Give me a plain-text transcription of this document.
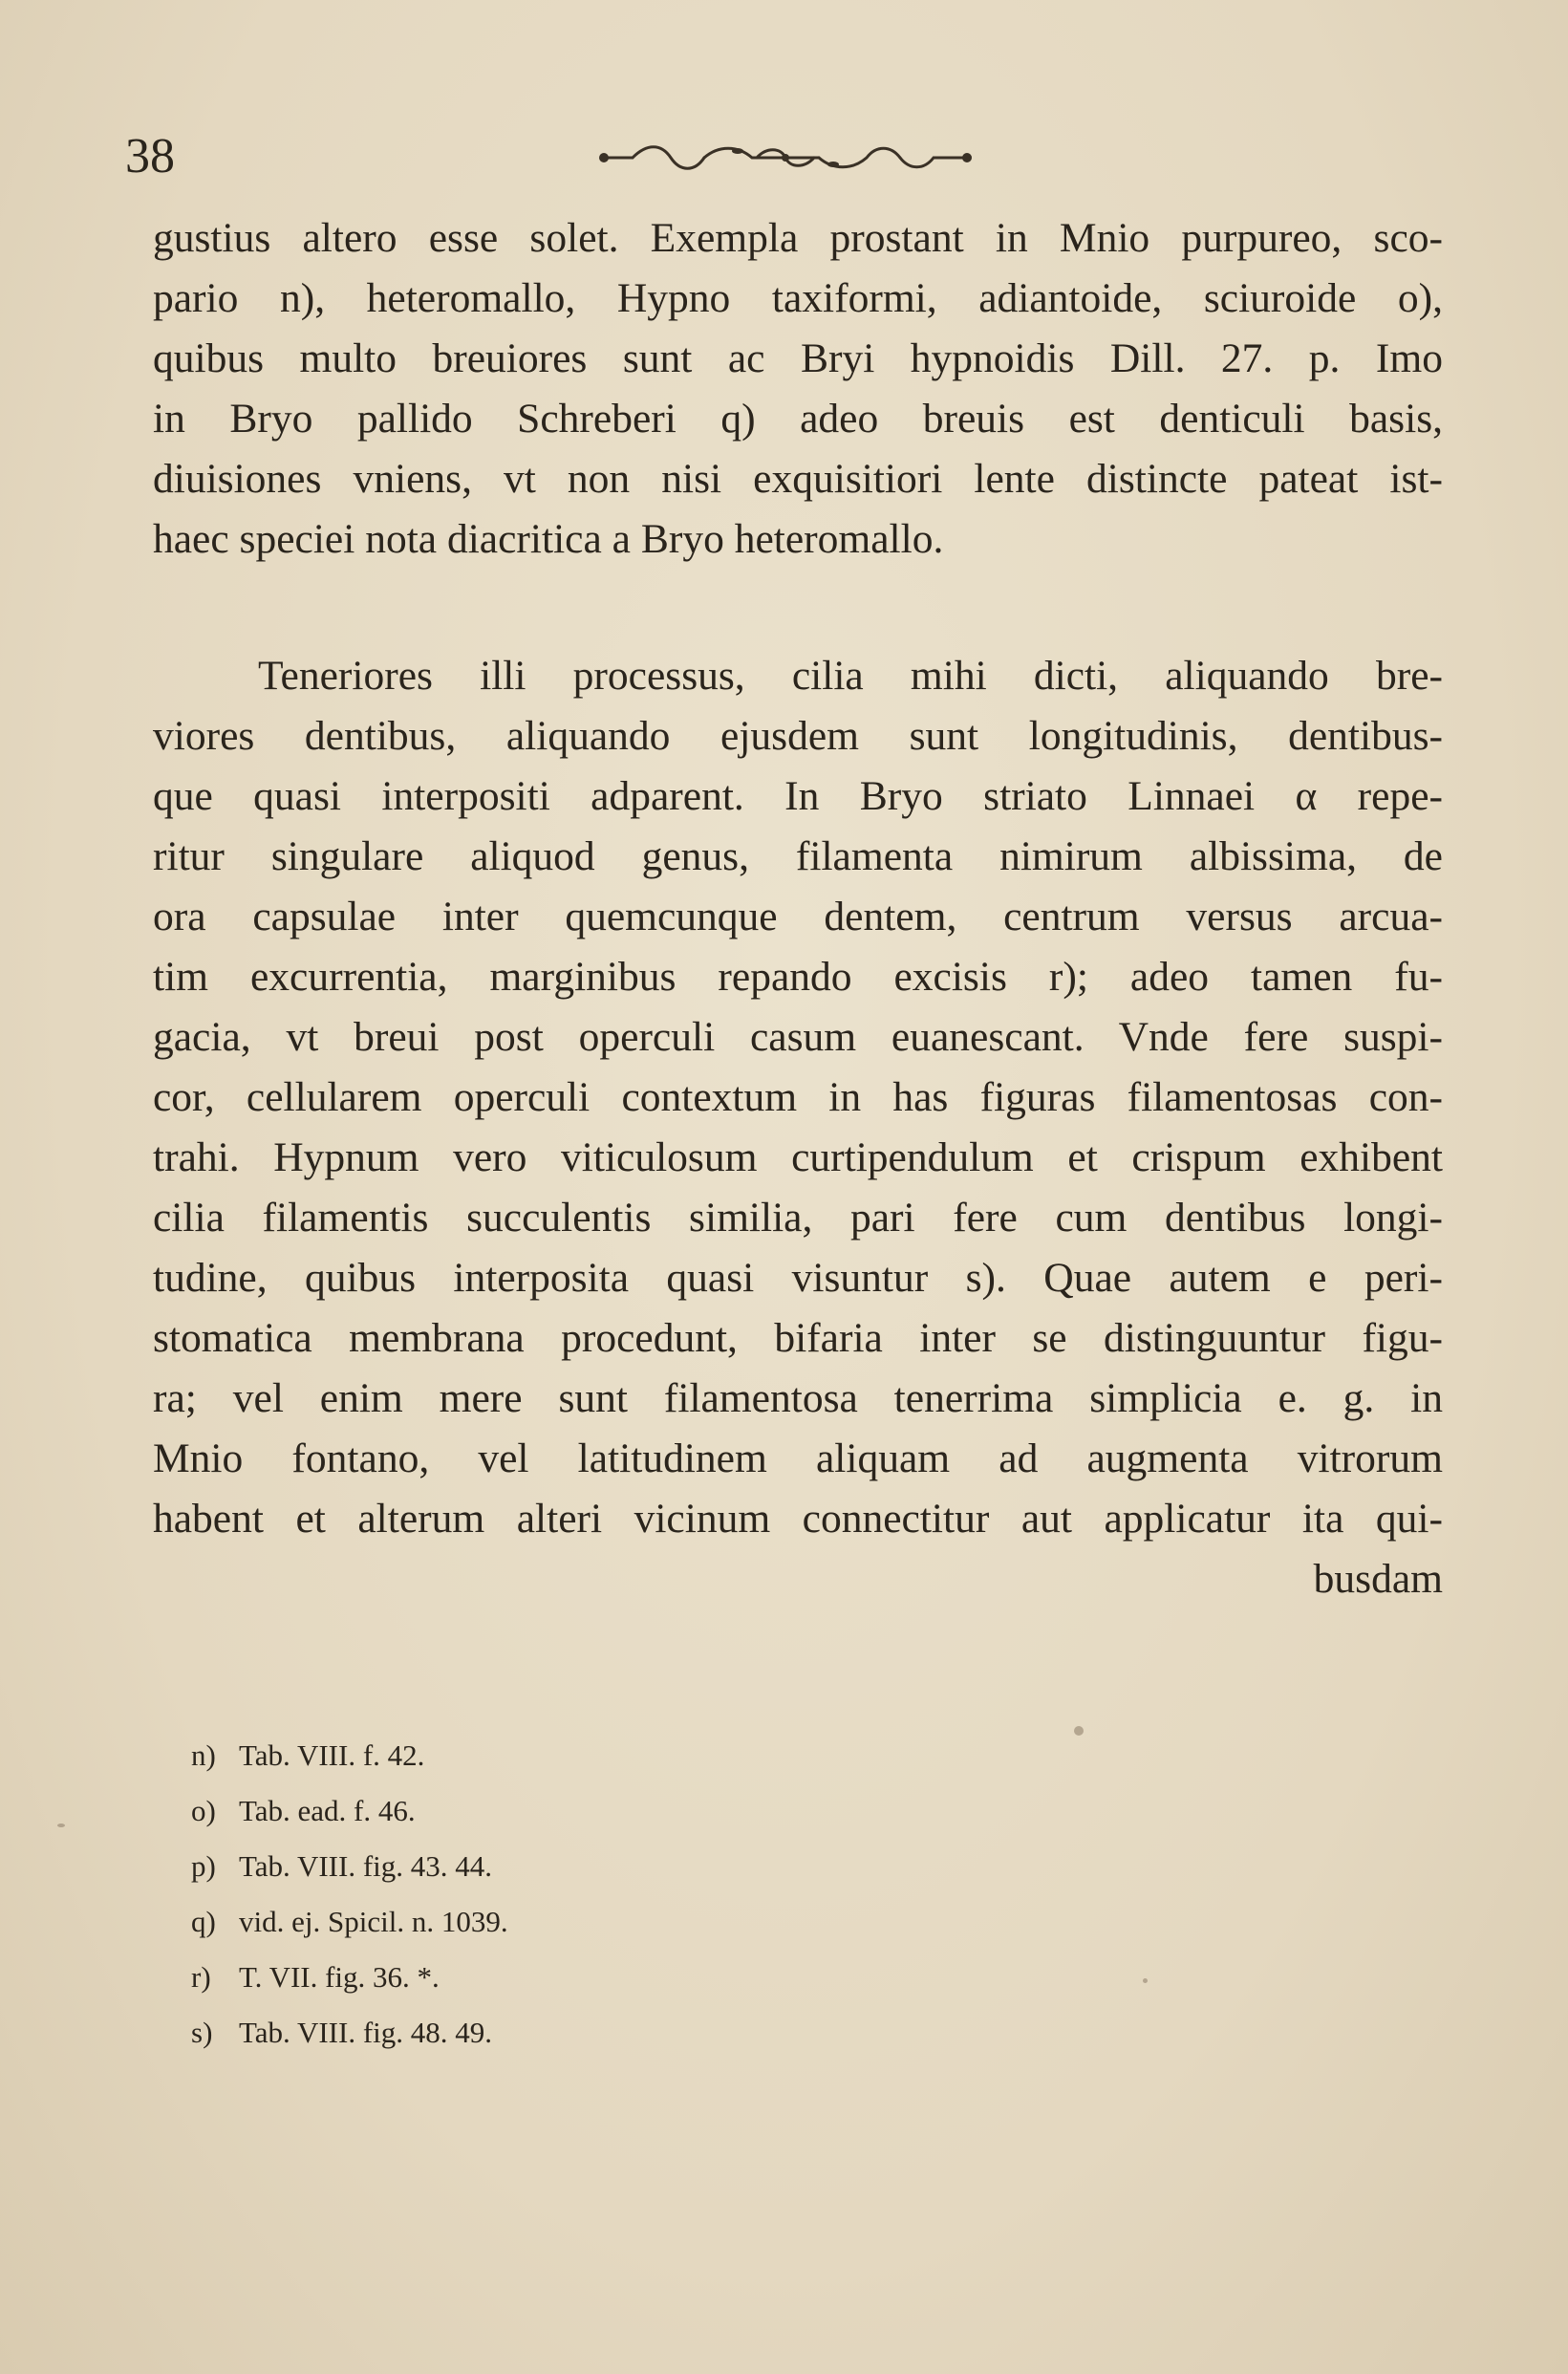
38
gustius altero esse solet. Exempla prostant in Mnio purpureo, sco-
pario n), heteromallo, Hypno taxiformi, adiantoide, sciuroide o),
quibus multo breuiores sunt ac Bryi hypnoidis Dill. 27. p. Imo
in Bryo pallido Schreberi q) adeo breuis est denticuli basis,
diuisiones vniens, vt non nisi exquisitiori lente distincte pateat ist-
haec speciei nota diacritica a Bryo heteromallo.
Teneriores illi processus, cilia mihi dicti, aliquando bre-
viores dentibus, aliquando ejusdem sunt longitudinis, dentibus-
que quasi interpositi adparent. In Bryo striato Linnaei α repe-
ritur singulare aliquod genus, filamenta nimirum albissima, de
ora capsulae inter quemcunque dentem, centrum versus arcua-
tim excurrentia, marginibus repando excisis r); adeo tamen fu-
gacia, vt breui post operculi casum euanescant. Vnde fere suspi-
cor, cellularem operculi contextum in has figuras filamentosas con-
trahi. Hypnum vero viticulosum curtipendulum et crispum exhibent
cilia filamentis succulentis similia, pari fere cum dentibus longi-
tudine, quibus interposita quasi visuntur s). Quae autem e peri-
stomatica membrana procedunt, bifaria inter se distinguuntur figu-
ra; vel enim mere sunt filamentosa tenerrima simplicia e. g. in
Mnio fontano, vel latitudinem aliquam ad augmenta vitrorum
habent et alterum alteri vicinum connectitur aut applicatur ita qui-
busdam
n) Tab. VIII. f. 42.
o) Tab. ead. f. 46.
p) Tab. VIII. fig. 43. 44.
q) vid. ej. Spicil. n. 1039.
r) T. VII. fig. 36. *.
s) Tab. VIII. fig. 48. 49.
